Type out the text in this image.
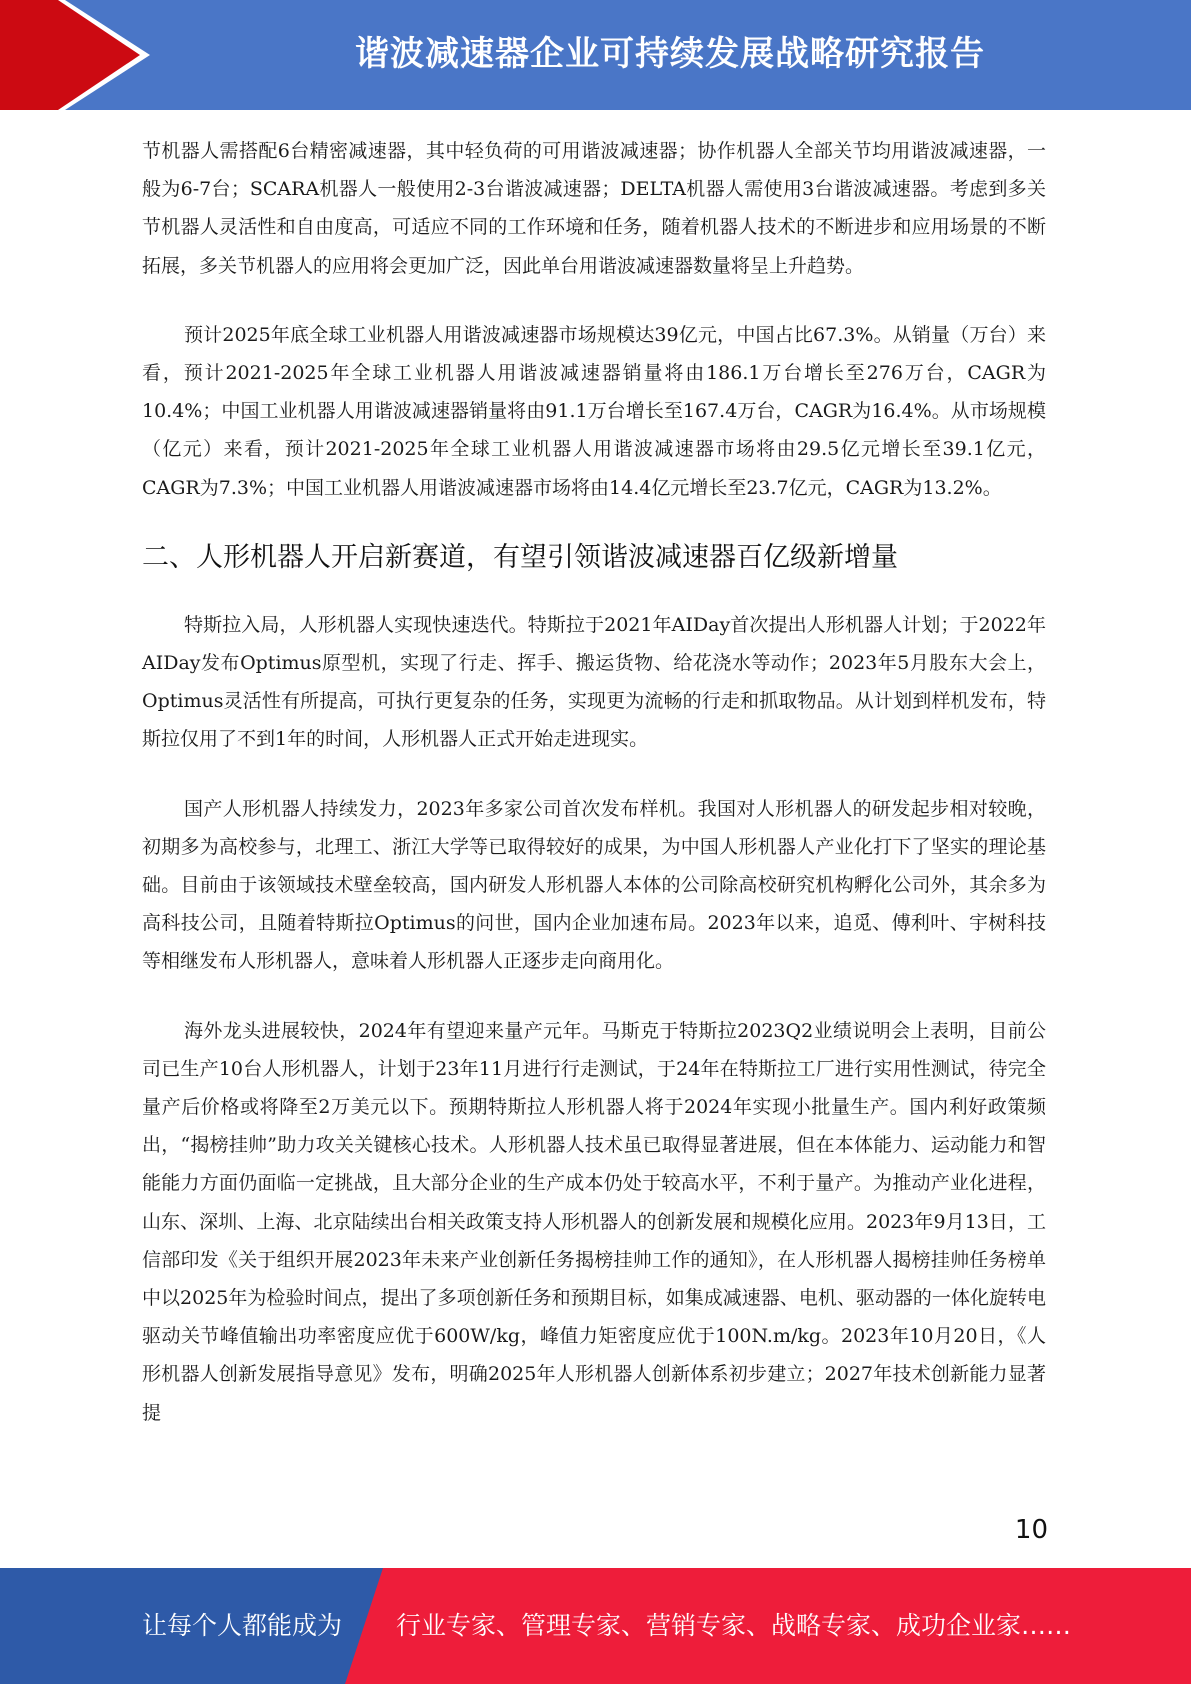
谐波减速器企业可持续发展战略研究报告

节机器人需搭配6台精密减速器，其中轻负荷的可用谐波减速器；协作机器人全部关节均用谐波减速器，一般为6-7台；SCARA机器人一般使用2-3台谐波减速器；DELTA机器人需使用3台谐波减速器。考虑到多关节机器人灵活性和自由度高，可适应不同的工作环境和任务，随着机器人技术的不断进步和应用场景的不断拓展，多关节机器人的应用将会更加广泛，因此单台用谐波减速器数量将呈上升趋势。

预计2025年底全球工业机器人用谐波减速器市场规模达39亿元，中国占比67.3%。从销量（万台）来看，预计2021-2025年全球工业机器人用谐波减速器销量将由186.1万台增长至276万台，CAGR为10.4%；中国工业机器人用谐波减速器销量将由91.1万台增长至167.4万台，CAGR为16.4%。从市场规模（亿元）来看，预计2021-2025年全球工业机器人用谐波减速器市场将由29.5亿元增长至39.1亿元，CAGR为7.3%；中国工业机器人用谐波减速器市场将由14.4亿元增长至23.7亿元，CAGR为13.2%。

二、人形机器人开启新赛道，有望引领谐波减速器百亿级新增量

特斯拉入局，人形机器人实现快速迭代。特斯拉于2021年AIDay首次提出人形机器人计划；于2022年AIDay发布Optimus原型机，实现了行走、挥手、搬运货物、给花浇水等动作；2023年5月股东大会上，Optimus灵活性有所提高，可执行更复杂的任务，实现更为流畅的行走和抓取物品。从计划到样机发布，特斯拉仅用了不到1年的时间，人形机器人正式开始走进现实。

国产人形机器人持续发力，2023年多家公司首次发布样机。我国对人形机器人的研发起步相对较晚，初期多为高校参与，北理工、浙江大学等已取得较好的成果，为中国人形机器人产业化打下了坚实的理论基础。目前由于该领域技术壁垒较高，国内研发人形机器人本体的公司除高校研究机构孵化公司外，其余多为高科技公司，且随着特斯拉Optimus的问世，国内企业加速布局。2023年以来，追觅、傅利叶、宇树科技等相继发布人形机器人，意味着人形机器人正逐步走向商用化。

海外龙头进展较快，2024年有望迎来量产元年。马斯克于特斯拉2023Q2业绩说明会上表明，目前公司已生产10台人形机器人，计划于23年11月进行行走测试，于24年在特斯拉工厂进行实用性测试，待完全量产后价格或将降至2万美元以下。预期特斯拉人形机器人将于2024年实现小批量生产。国内利好政策频出，“揭榜挂帅”助力攻关关键核心技术。人形机器人技术虽已取得显著进展，但在本体能力、运动能力和智能能力方面仍面临一定挑战，且大部分企业的生产成本仍处于较高水平，不利于量产。为推动产业化进程，山东、深圳、上海、北京陆续出台相关政策支持人形机器人的创新发展和规模化应用。2023年9月13日，工信部印发《关于组织开展2023年未来产业创新任务揭榜挂帅工作的通知》，在人形机器人揭榜挂帅任务榜单中以2025年为检验时间点，提出了多项创新任务和预期目标，如集成减速器、电机、驱动器的一体化旋转电驱动关节峰值输出功率密度应优于600W/kg，峰值力矩密度应优于100N.m/kg。2023年10月20日，《人形机器人创新发展指导意见》发布，明确2025年人形机器人创新体系初步建立；2027年技术创新能力显著提

10
让每个人都能成为 行业专家、管理专家、营销专家、战略专家、成功企业家……
